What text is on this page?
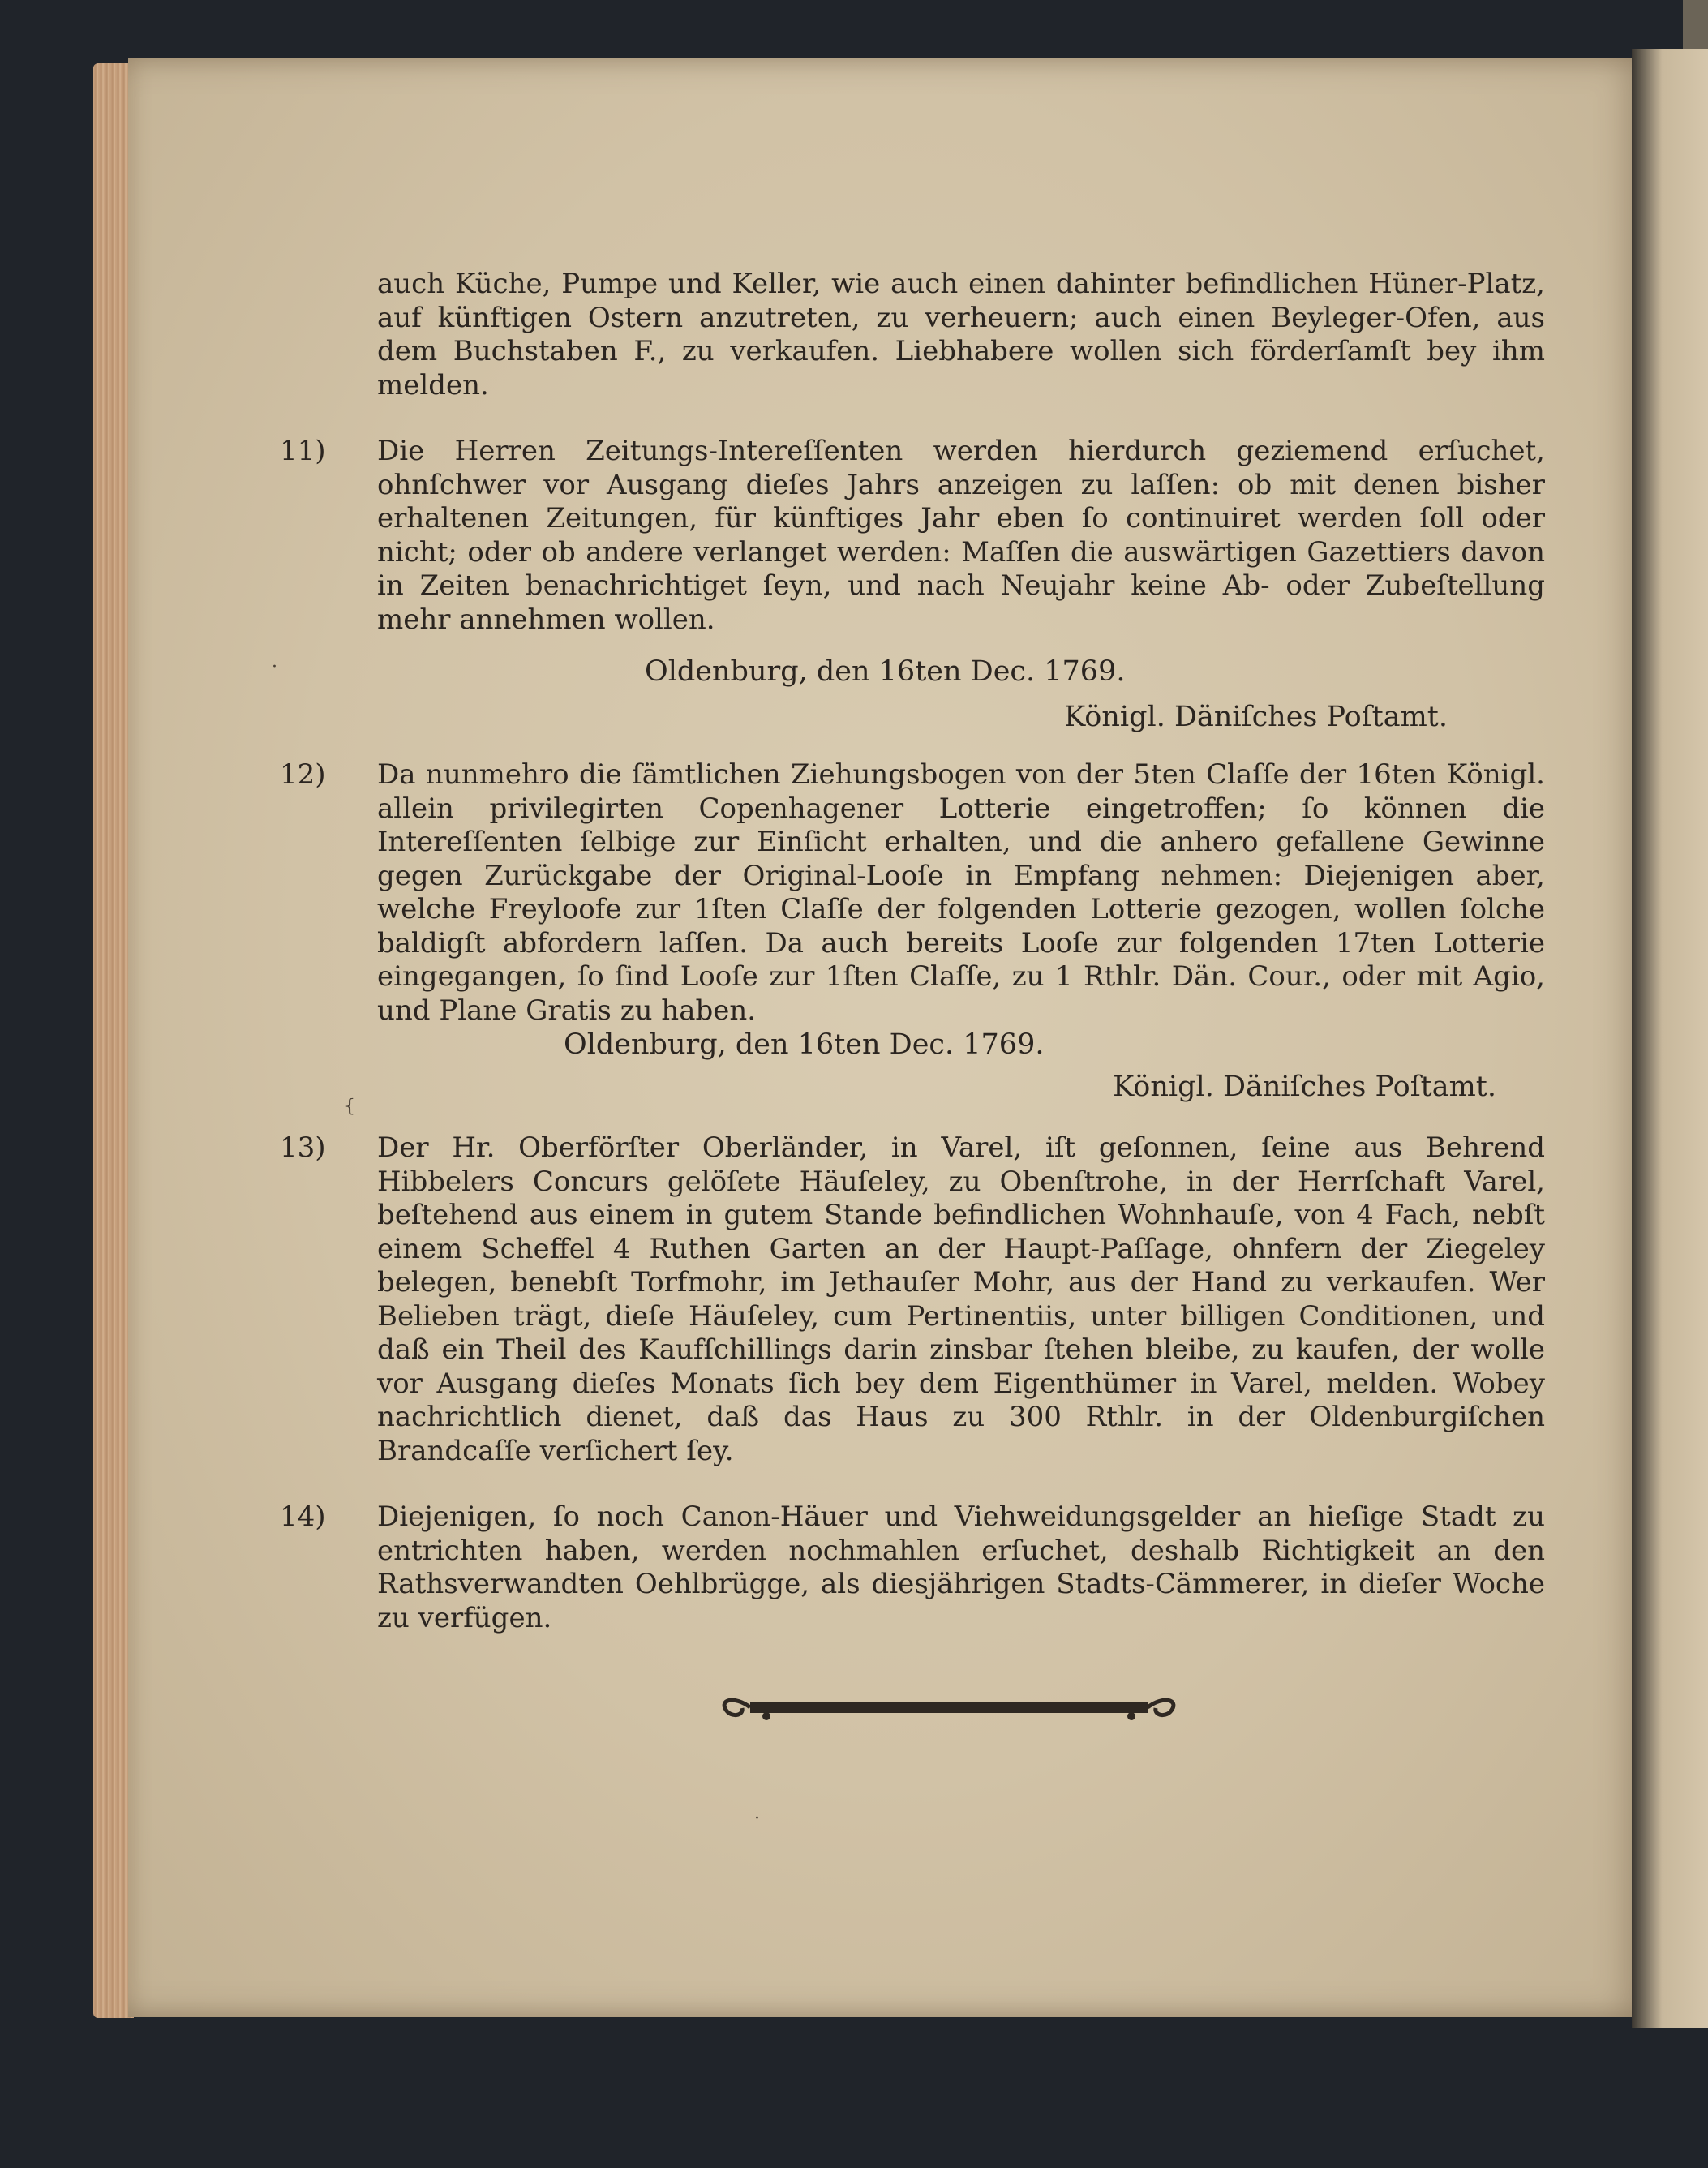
auch Küche, Pumpe und Keller, wie auch einen dahinter befindlichen Hüner-Platz, auf künftigen Ostern anzutreten, zu verheuern; auch einen Beyleger-Ofen, aus dem Buchstaben F., zu verkaufen. Liebhabere wollen sich förderſamſt bey ihm melden.

11)	Die Herren Zeitungs-Intereſſenten werden hierdurch geziemend erſuchet, ohnſchwer vor Ausgang dieſes Jahrs anzeigen zu laſſen: ob mit denen bisher erhaltenen Zeitungen, für künftiges Jahr eben ſo continuiret werden ſoll oder nicht; oder ob andere verlanget werden: Maſſen die auswärtigen Gazettiers davon in Zeiten benachrichtiget ſeyn, und nach Neujahr keine Ab- oder Zubeſtellung mehr annehmen wollen.

Oldenburg, den 16ten Dec. 1769.
Königl. Däniſches Poſtamt.

12)	Da nunmehro die ſämtlichen Ziehungsbogen von der 5ten Claſſe der 16ten Königl. allein privilegirten Copenhagener Lotterie eingetroffen; ſo können die Intereſſenten ſelbige zur Einſicht erhalten, und die anhero gefallene Gewinne gegen Zurückgabe der Original-Looſe in Empfang nehmen: Diejenigen aber, welche Freyloofe zur 1ſten Claſſe der folgenden Lotterie gezogen, wollen ſolche baldigſt abfordern laſſen. Da auch bereits Looſe zur folgenden 17ten Lotterie eingegangen, ſo ſind Looſe zur 1ſten Claſſe, zu 1 Rthlr. Dän. Cour., oder mit Agio, und Plane Gratis zu haben.

Oldenburg, den 16ten Dec. 1769.
Königl. Däniſches Poſtamt.

13)	Der Hr. Oberförſter Oberländer, in Varel, iſt geſonnen, ſeine aus Behrend Hibbelers Concurs gelöſete Häuſeley, zu Obenſtrohe, in der Herrſchaft Varel, beſtehend aus einem in gutem Stande befindlichen Wohnhauſe, von 4 Fach, nebſt einem Scheffel 4 Ruthen Garten an der Haupt-Paſſage, ohnfern der Ziegeley belegen, benebſt Torfmohr, im Jethauſer Mohr, aus der Hand zu verkaufen. Wer Belieben trägt, dieſe Häuſeley, cum Pertinentiis, unter billigen Conditionen, und daß ein Theil des Kaufſchillings darin zinsbar ſtehen bleibe, zu kaufen, der wolle vor Ausgang dieſes Monats ſich bey dem Eigenthümer in Varel, melden. Wobey nachrichtlich dienet, daß das Haus zu 300 Rthlr. in der Oldenburgiſchen Brandcaſſe verſichert ſey.

14)	Diejenigen, ſo noch Canon-Häuer und Viehweidungsgelder an hieſige Stadt zu entrichten haben, werden nochmahlen erſuchet, deshalb Richtigkeit an den Rathsverwandten Oehlbrügge, als diesjährigen Stadts-Cämmerer, in dieſer Woche zu verfügen.

{
·
·
